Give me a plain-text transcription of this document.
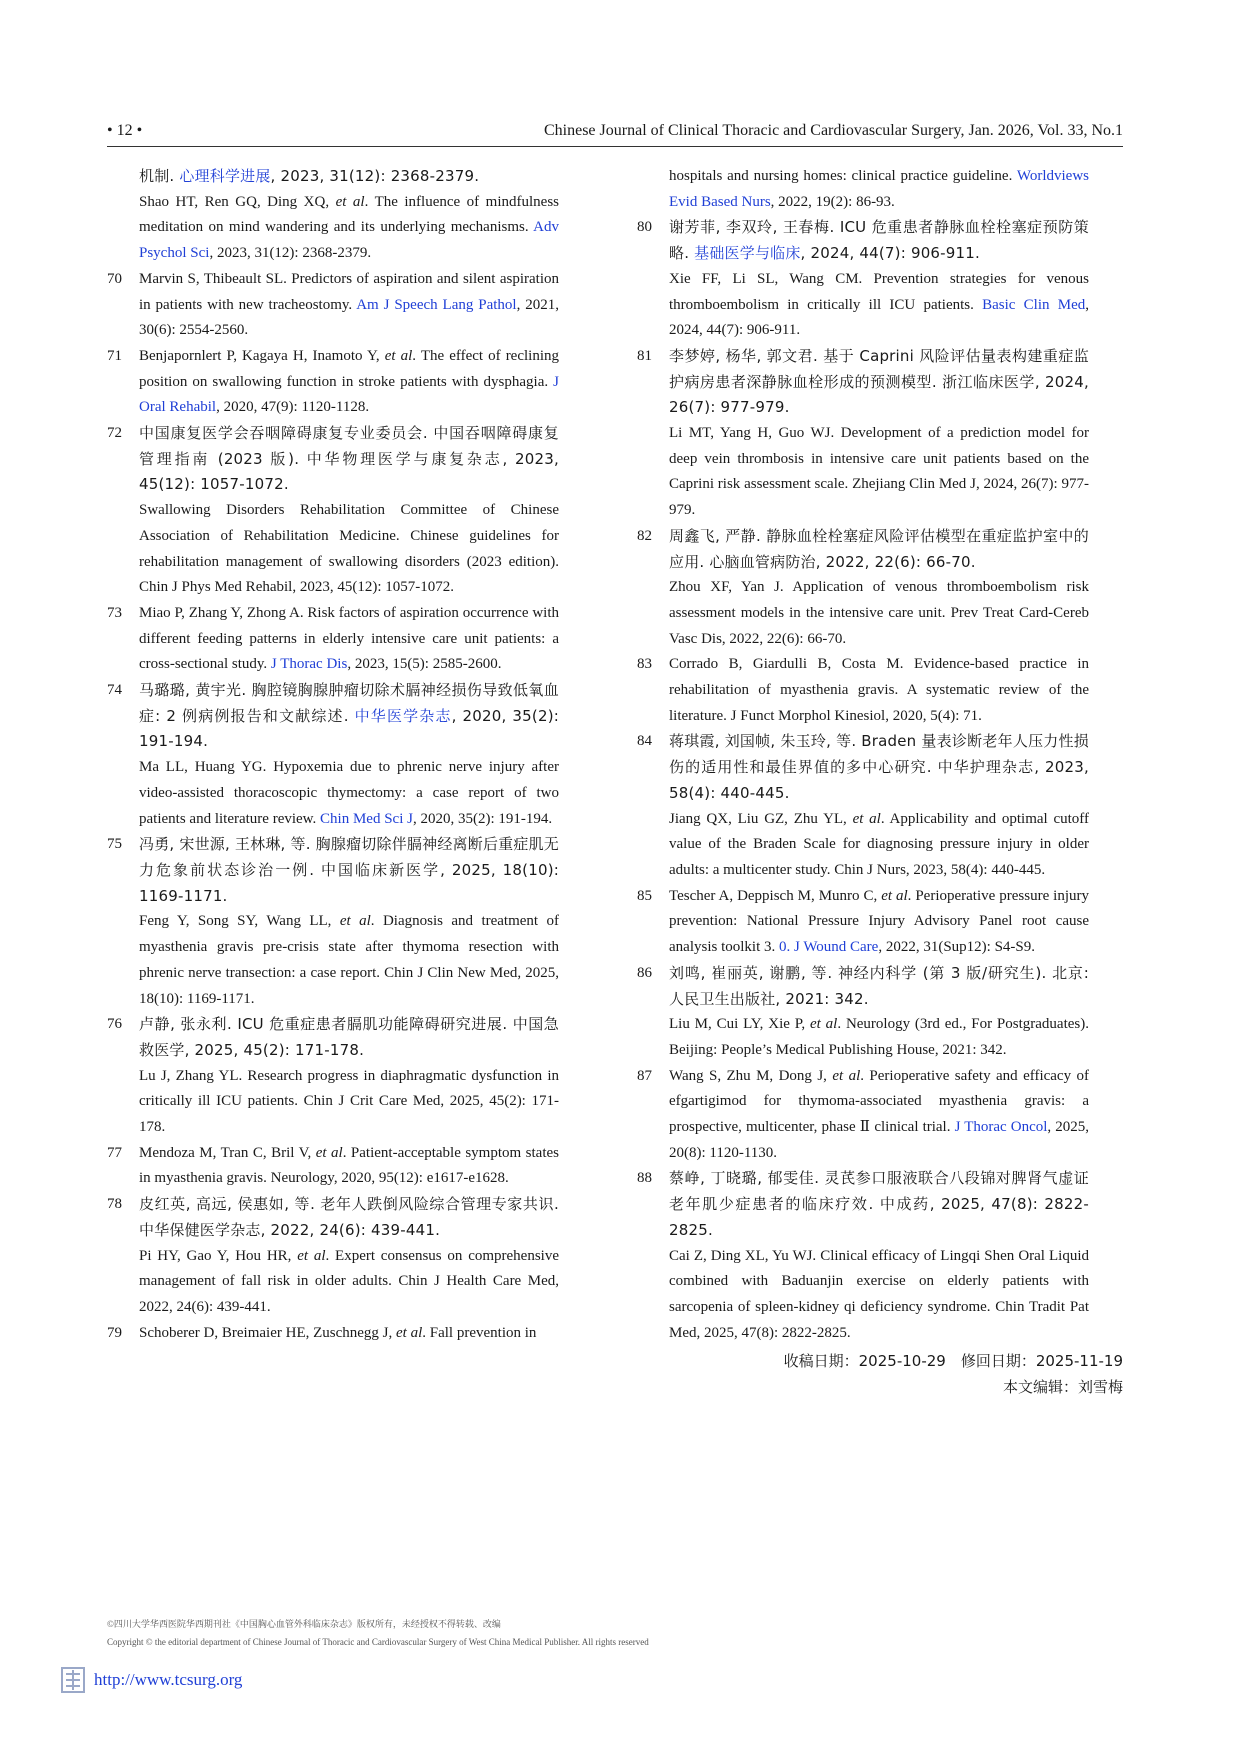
• 12 •	Chinese Journal of Clinical Thoracic and Cardiovascular Surgery, Jan. 2026, Vol. 33, No.1
机制. 心理科学进展, 2023, 31(12): 2368-2379.
Shao HT, Ren GQ, Ding XQ, et al. The influence of mindfulness meditation on mind wandering and its underlying mechanisms. Adv Psychol Sci, 2023, 31(12): 2368-2379.
70 Marvin S, Thibeault SL. Predictors of aspiration and silent aspiration in patients with new tracheostomy. Am J Speech Lang Pathol, 2021, 30(6): 2554-2560.
71 Benjapornlert P, Kagaya H, Inamoto Y, et al. The effect of reclining position on swallowing function in stroke patients with dysphagia. J Oral Rehabil, 2020, 47(9): 1120-1128.
72 中国康复医学会吞咽障碍康复专业委员会. 中国吞咽障碍康复管理指南 (2023 版). 中华物理医学与康复杂志, 2023, 45(12): 1057-1072.
Swallowing Disorders Rehabilitation Committee of Chinese Association of Rehabilitation Medicine. Chinese guidelines for rehabilitation management of swallowing disorders (2023 edition). Chin J Phys Med Rehabil, 2023, 45(12): 1057-1072.
73 Miao P, Zhang Y, Zhong A. Risk factors of aspiration occurrence with different feeding patterns in elderly intensive care unit patients: a cross-sectional study. J Thorac Dis, 2023, 15(5): 2585-2600.
74 马璐璐, 黄宇光. 胸腔镜胸腺肿瘤切除术膈神经损伤导致低氧血症: 2 例病例报告和文献综述. 中华医学杂志, 2020, 35(2): 191-194.
Ma LL, Huang YG. Hypoxemia due to phrenic nerve injury after video-assisted thoracoscopic thymectomy: a case report of two patients and literature review. Chin Med Sci J, 2020, 35(2): 191-194.
75 冯勇, 宋世源, 王林琳, 等. 胸腺瘤切除伴膈神经离断后重症肌无力危象前状态诊治一例. 中国临床新医学, 2025, 18(10): 1169-1171.
Feng Y, Song SY, Wang LL, et al. Diagnosis and treatment of myasthenia gravis pre-crisis state after thymoma resection with phrenic nerve transection: a case report. Chin J Clin New Med, 2025, 18(10): 1169-1171.
76 卢静, 张永利. ICU 危重症患者膈肌功能障碍研究进展. 中国急救医学, 2025, 45(2): 171-178.
Lu J, Zhang YL. Research progress in diaphragmatic dysfunction in critically ill ICU patients. Chin J Crit Care Med, 2025, 45(2): 171-178.
77 Mendoza M, Tran C, Bril V, et al. Patient-acceptable symptom states in myasthenia gravis. Neurology, 2020, 95(12): e1617-e1628.
78 皮红英, 高远, 侯惠如, 等. 老年人跌倒风险综合管理专家共识. 中华保健医学杂志, 2022, 24(6): 439-441.
Pi HY, Gao Y, Hou HR, et al. Expert consensus on comprehensive management of fall risk in older adults. Chin J Health Care Med, 2022, 24(6): 439-441.
79 Schoberer D, Breimaier HE, Zuschnegg J, et al. Fall prevention in
hospitals and nursing homes: clinical practice guideline. Worldviews Evid Based Nurs, 2022, 19(2): 86-93.
80 谢芳菲, 李双玲, 王春梅. ICU 危重患者静脉血栓栓塞症预防策略. 基础医学与临床, 2024, 44(7): 906-911.
Xie FF, Li SL, Wang CM. Prevention strategies for venous thromboembolism in critically ill ICU patients. Basic Clin Med, 2024, 44(7): 906-911.
81 李梦婷, 杨华, 郭文君. 基于 Caprini 风险评估量表构建重症监护病房患者深静脉血栓形成的预测模型. 浙江临床医学, 2024, 26(7): 977-979.
Li MT, Yang H, Guo WJ. Development of a prediction model for deep vein thrombosis in intensive care unit patients based on the Caprini risk assessment scale. Zhejiang Clin Med J, 2024, 26(7): 977-979.
82 周鑫飞, 严静. 静脉血栓栓塞症风险评估模型在重症监护室中的应用. 心脑血管病防治, 2022, 22(6): 66-70.
Zhou XF, Yan J. Application of venous thromboembolism risk assessment models in the intensive care unit. Prev Treat Card-Cereb Vasc Dis, 2022, 22(6): 66-70.
83 Corrado B, Giardulli B, Costa M. Evidence-based practice in rehabilitation of myasthenia gravis. A systematic review of the literature. J Funct Morphol Kinesiol, 2020, 5(4): 71.
84 蒋琪霞, 刘国帧, 朱玉玲, 等. Braden 量表诊断老年人压力性损伤的适用性和最佳界值的多中心研究. 中华护理杂志, 2023, 58(4): 440-445.
Jiang QX, Liu GZ, Zhu YL, et al. Applicability and optimal cutoff value of the Braden Scale for diagnosing pressure injury in older adults: a multicenter study. Chin J Nurs, 2023, 58(4): 440-445.
85 Tescher A, Deppisch M, Munro C, et al. Perioperative pressure injury prevention: National Pressure Injury Advisory Panel root cause analysis toolkit 3. 0. J Wound Care, 2022, 31(Sup12): S4-S9.
86 刘鸣, 崔丽英, 谢鹏, 等. 神经内科学 (第 3 版/研究生). 北京: 人民卫生出版社, 2021: 342.
Liu M, Cui LY, Xie P, et al. Neurology (3rd ed., For Postgraduates). Beijing: People’s Medical Publishing House, 2021: 342.
87 Wang S, Zhu M, Dong J, et al. Perioperative safety and efficacy of efgartigimod for thymoma-associated myasthenia gravis: a prospective, multicenter, phase Ⅱ clinical trial. J Thorac Oncol, 2025, 20(8): 1120-1130.
88 蔡峥, 丁晓璐, 郁雯佳. 灵芪参口服液联合八段锦对脾肾气虚证老年肌少症患者的临床疗效. 中成药, 2025, 47(8): 2822-2825.
Cai Z, Ding XL, Yu WJ. Clinical efficacy of Lingqi Shen Oral Liquid combined with Baduanjin exercise on elderly patients with sarcopenia of spleen-kidney qi deficiency syndrome. Chin Tradit Pat Med, 2025, 47(8): 2822-2825.
收稿日期：2025-10-29　修回日期：2025-11-19
本文编辑：刘雪梅
©四川大学华西医院华西期刊社《中国胸心血管外科临床杂志》版权所有，未经授权不得转载、改编
Copyright © the editorial department of Chinese Journal of Thoracic and Cardiovascular Surgery of West China Medical Publisher. All rights reserved
http://www.tcsurg.org
